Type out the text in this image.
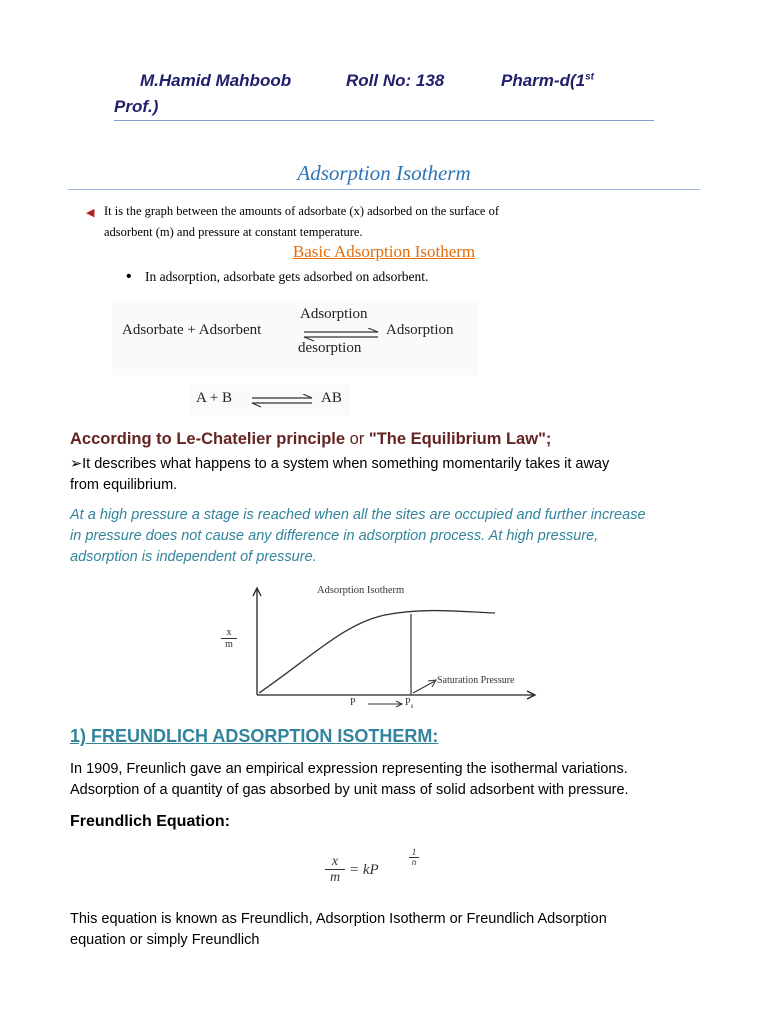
M.Hamid Mahboob	Roll No: 138	Pharm-d(1st
Prof.)
Adsorption Isotherm
◀ It is the graph between the amounts of adsorbate (x) adsorbed on the surface of
adsorbent (m) and pressure at constant temperature.
Basic Adsorption Isotherm
• In adsorption, adsorbate gets adsorbed on adsorbent.
Adsorbate + Adsorbent
Adsorption
desorption
Adsorption
A + B	AB
According to Le-Chatelier principle or "The Equilibrium Law";
➢It describes what happens to a system when something momentarily takes it away
from equilibrium.
At a high pressure a stage is reached when all the sites are occupied and further increase
in pressure does not cause any difference in adsorption process. At high pressure,
adsorption is independent of pressure.
Adsorption Isotherm
$\frac{x}{m}$
P	$P_s$
Saturation Pressure
1) FREUNDLICH ADSORPTION ISOTHERM:
In 1909, Freunlich gave an empirical expression representing the isothermal variations.
Adsorption of a quantity of gas absorbed by unit mass of solid adsorbent with pressure.
Freundlich Equation:
$\frac{x}{m}$ = kP
$\frac{1}{n}$
This equation is known as Freundlich, Adsorption Isotherm or Freundlich Adsorption
equation or simply Freundlich
